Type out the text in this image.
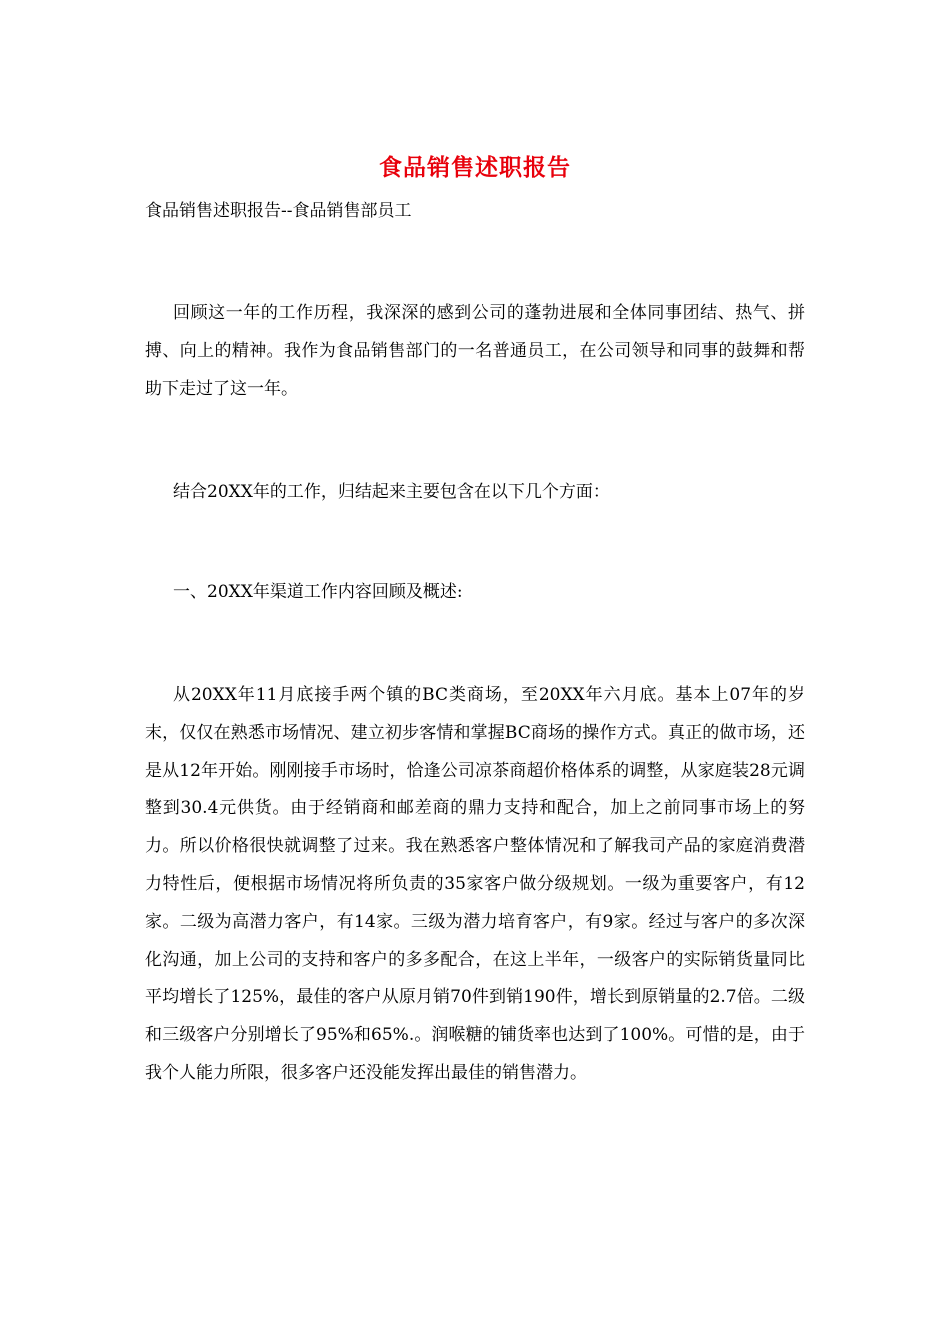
食品销售述职报告
食品销售述职报告--食品销售部员工
回顾这一年的工作历程，我深深的感到公司的蓬勃进展和全体同事团结、热气、拼搏、向上的精神。我作为食品销售部门的一名普通员工，在公司领导和同事的鼓舞和帮助下走过了这一年。
结合20XX年的工作，归结起来主要包含在以下几个方面：
一、20XX年渠道工作内容回顾及概述:
从20XX年11月底接手两个镇的BC类商场，至20XX年六月底。基本上07年的岁末，仅仅在熟悉市场情况、建立初步客情和掌握BC商场的操作方式。真正的做市场，还是从12年开始。刚刚接手市场时，恰逢公司凉茶商超价格体系的调整，从家庭装28元调整到30.4元供货。由于经销商和邮差商的鼎力支持和配合，加上之前同事市场上的努力。所以价格很快就调整了过来。我在熟悉客户整体情况和了解我司产品的家庭消费潜力特性后，便根据市场情况将所负责的35家客户做分级规划。一级为重要客户，有12家。二级为高潜力客户，有14家。三级为潜力培育客户，有9家。经过与客户的多次深化沟通，加上公司的支持和客户的多多配合，在这上半年，一级客户的实际销货量同比平均增长了125%，最佳的客户从原月销70件到销190件，增长到原销量的2.7倍。二级和三级客户分别增长了95%和65%.。润喉糖的铺货率也达到了100%。可惜的是，由于我个人能力所限，很多客户还没能发挥出最佳的销售潜力。
